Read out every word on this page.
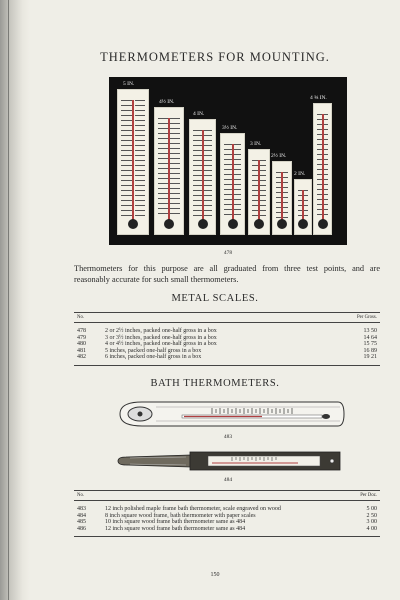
THERMOMETERS FOR MOUNTING.
5 IN.
4½ IN.
4 IN.
3½ IN.
3 IN.
2½ IN.
2 IN.
4 ⅝ IN.
478
Thermometers for this purpose are all graduated from three test points, and are
reasonably accurate for such small thermometers.
METAL SCALES.
No.		Per Gross.
478	2 or 2½ inches, packed one-half gross in a box	13 50
479	3 or 3½ inches, packed one-half gross in a box	14 64
480	4 or 4½ inches, packed one-half gross in a box	15 75
481	5 inches, packed one-half gross in a box	16 89
482	6 inches, packed one-half gross in a box	19 21
BATH THERMOMETERS.
483
484
No.		Per Doz.
483	12 inch polished maple frame bath thermometer, scale engraved on wood	5 00
484	8 inch square wood frame, bath thermometer with paper scales	2 50
485	10 inch square wood frame bath thermometer same as 484	3 00
486	12 inch square wood frame bath thermometer same as 484	4 00
150
